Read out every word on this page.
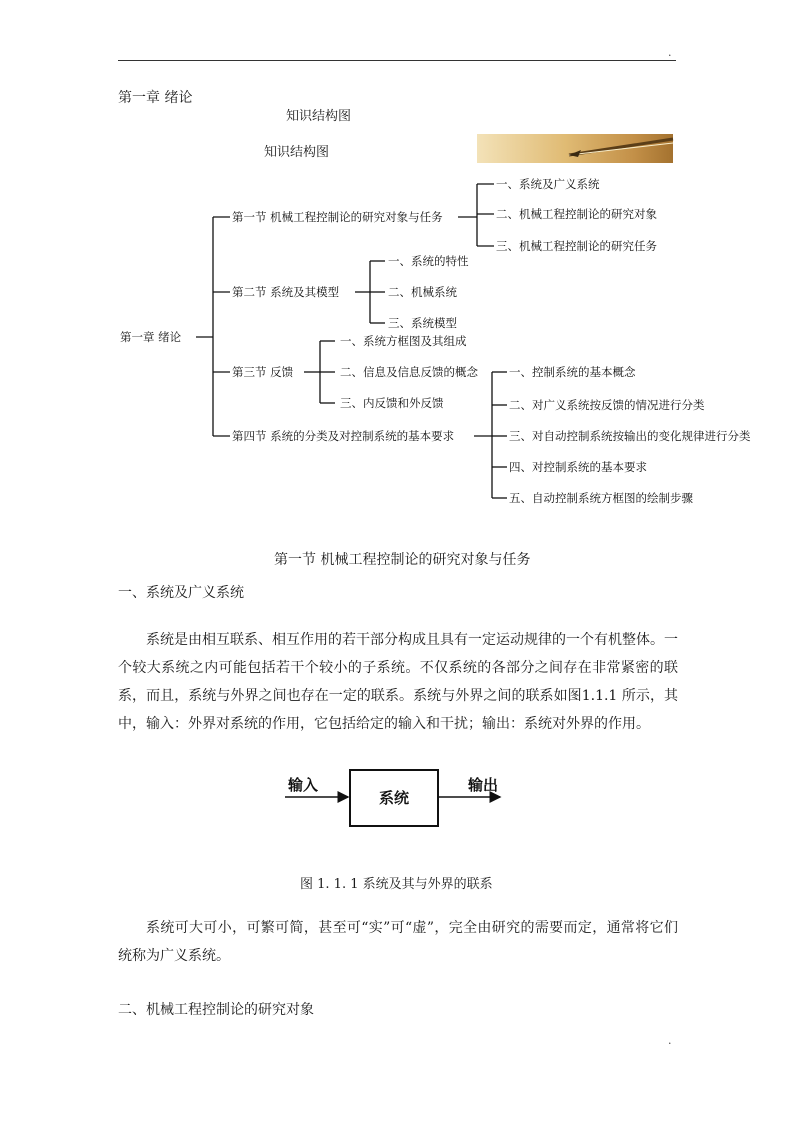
.
第一章 绪论
知识结构图
知识结构图
第一章 绪论
第一节 机械工程控制论的研究对象与任务
一、系统及广义系统
二、机械工程控制论的研究对象
三、机械工程控制论的研究任务
第二节 系统及其模型
一、系统的特性
二、机械系统
三、系统模型
第三节 反馈
一、系统方框图及其组成
二、信息及信息反馈的概念
三、内反馈和外反馈
第四节 系统的分类及对控制系统的基本要求
一、控制系统的基本概念
二、对广义系统按反馈的情况进行分类
三、对自动控制系统按输出的变化规律进行分类
四、对控制系统的基本要求
五、自动控制系统方框图的绘制步骤
第一节 机械工程控制论的研究对象与任务
一、系统及广义系统

系统是由相互联系、相互作用的若干部分构成且具有一定运动规律的一个有机整体。一个较大系统之内可能包括若干个较小的子系统。不仅系统的各部分之间存在非常紧密的联系，而且，系统与外界之间也存在一定的联系。系统与外界之间的联系如图1.1.1 所示，其中，输入：外界对系统的作用，它包括给定的输入和干扰；输出：系统对外界的作用。

输入
系统
输出
图 1. 1. 1 系统及其与外界的联系

系统可大可小，可繁可简，甚至可“实”可“虚”，完全由研究的需要而定，通常将它们统称为广义系统。

二、机械工程控制论的研究对象
.
